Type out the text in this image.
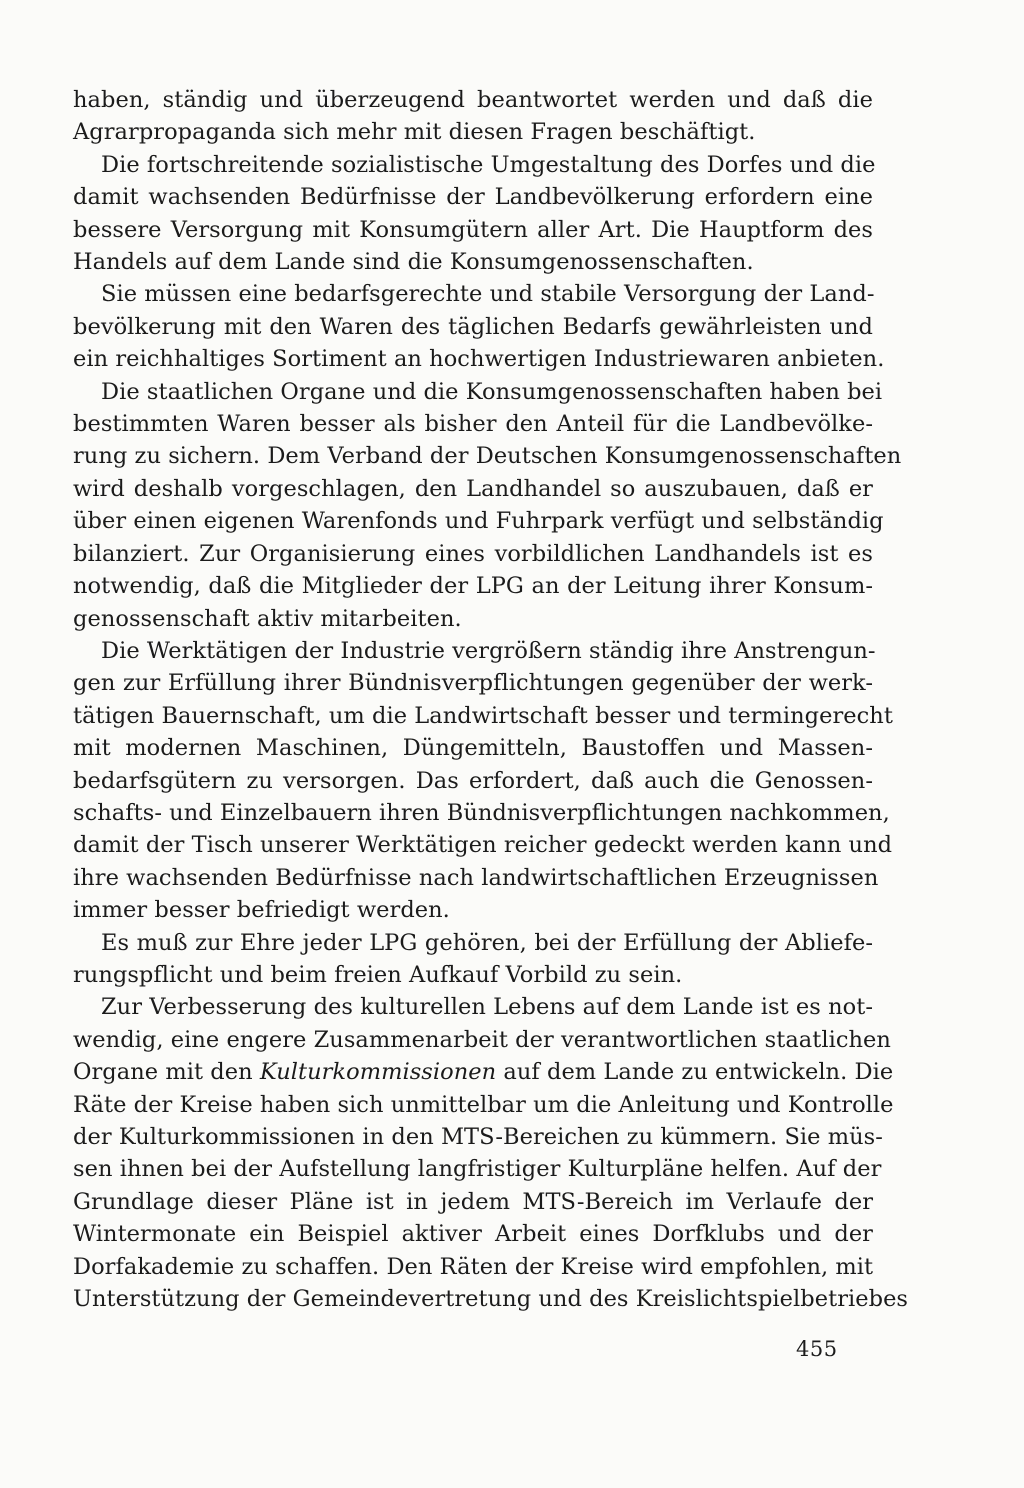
haben, ständig und überzeugend beantwortet werden und daß die
Agrarpropaganda sich mehr mit diesen Fragen beschäftigt.
Die fortschreitende sozialistische Umgestaltung des Dorfes und die
damit wachsenden Bedürfnisse der Landbevölkerung erfordern eine
bessere Versorgung mit Konsumgütern aller Art. Die Hauptform des
Handels auf dem Lande sind die Konsumgenossenschaften.
Sie müssen eine bedarfsgerechte und stabile Versorgung der Land-
bevölkerung mit den Waren des täglichen Bedarfs gewährleisten und
ein reichhaltiges Sortiment an hochwertigen Industriewaren anbieten.
Die staatlichen Organe und die Konsumgenossenschaften haben bei
bestimmten Waren besser als bisher den Anteil für die Landbevölke-
rung zu sichern. Dem Verband der Deutschen Konsumgenossenschaften
wird deshalb vorgeschlagen, den Landhandel so auszubauen, daß er
über einen eigenen Warenfonds und Fuhrpark verfügt und selbständig
bilanziert. Zur Organisierung eines vorbildlichen Landhandels ist es
notwendig, daß die Mitglieder der LPG an der Leitung ihrer Konsum-
genossenschaft aktiv mitarbeiten.
Die Werktätigen der Industrie vergrößern ständig ihre Anstrengun-
gen zur Erfüllung ihrer Bündnisverpflichtungen gegenüber der werk-
tätigen Bauernschaft, um die Landwirtschaft besser und termingerecht
mit modernen Maschinen, Düngemitteln, Baustoffen und Massen-
bedarfsgütern zu versorgen. Das erfordert, daß auch die Genossen-
schafts- und Einzelbauern ihren Bündnisverpflichtungen nachkommen,
damit der Tisch unserer Werktätigen reicher gedeckt werden kann und
ihre wachsenden Bedürfnisse nach landwirtschaftlichen Erzeugnissen
immer besser befriedigt werden.
Es muß zur Ehre jeder LPG gehören, bei der Erfüllung der Abliefe-
rungspflicht und beim freien Aufkauf Vorbild zu sein.
Zur Verbesserung des kulturellen Lebens auf dem Lande ist es not-
wendig, eine engere Zusammenarbeit der verantwortlichen staatlichen
Organe mit den Kulturkommissionen auf dem Lande zu entwickeln. Die
Räte der Kreise haben sich unmittelbar um die Anleitung und Kontrolle
der Kulturkommissionen in den MTS-Bereichen zu kümmern. Sie müs-
sen ihnen bei der Aufstellung langfristiger Kulturpläne helfen. Auf der
Grundlage dieser Pläne ist in jedem MTS-Bereich im Verlaufe der
Wintermonate ein Beispiel aktiver Arbeit eines Dorfklubs und der
Dorfakademie zu schaffen. Den Räten der Kreise wird empfohlen, mit
Unterstützung der Gemeindevertretung und des Kreislichtspielbetriebes
455
